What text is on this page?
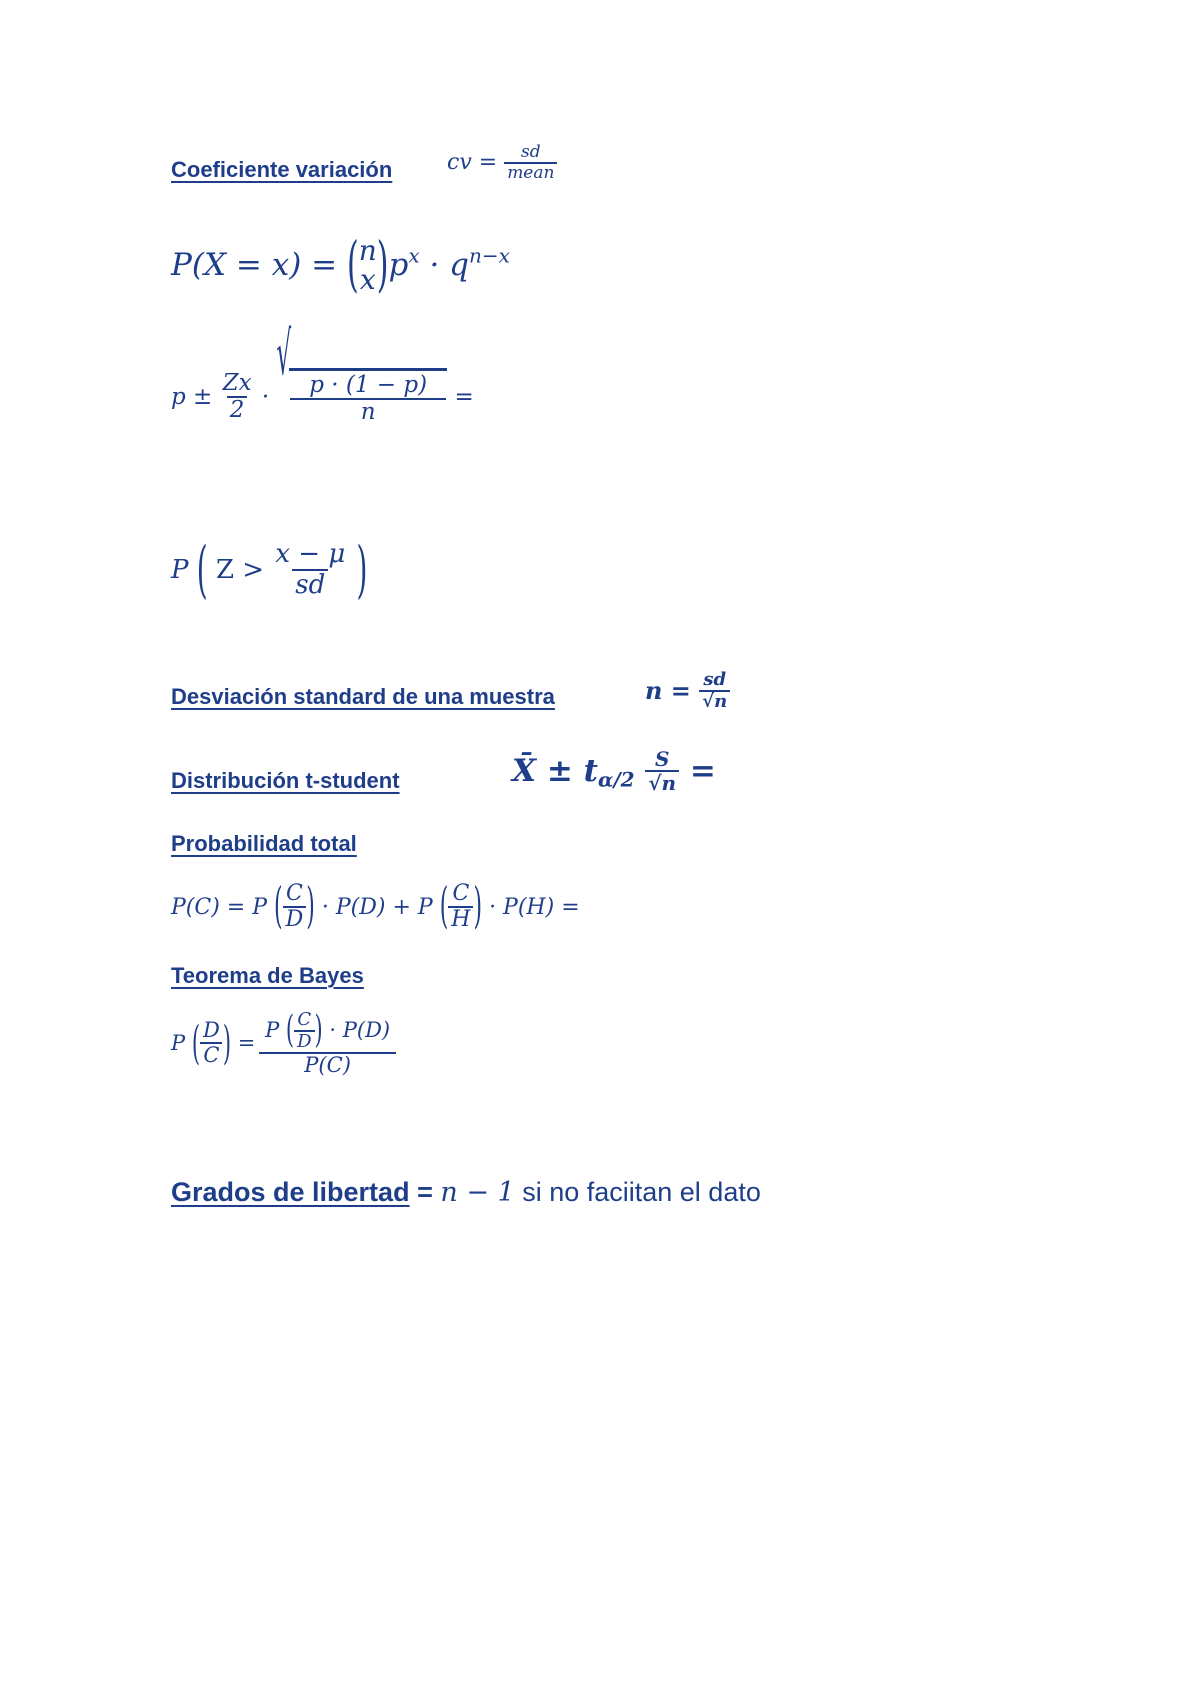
Coeficiente variación cv = $\frac{sd}{\text{mean}}$
P(X = x) = ( n
x )$p^x \cdot q^{n-x}$
$p \pm \frac{Zx}{2}$ ·
√
$\frac{p \cdot (1 - p)}{n}$ =
P ( $Z > \frac{x - \mu}{sd}$ )
Desviación standard de una muestra	$n = \frac{sd}{√n}$
Distribución t-student	X̄ ± $t_{\alpha/2} \frac{S}{√n}$ =
Probabilidad total
P(C) = P ( $\frac{C}{D}$ ) · P(D) + P ( $\frac{C}{H}$ ) · P(H) =
Teorema de Bayes
P ( $\frac{D}{C}$ ) = $\frac{P ( \frac{C}{D} ) \cdot P(D)}{P(C)}$
Grados de libertad = n − 1 si no faciitan el dato
